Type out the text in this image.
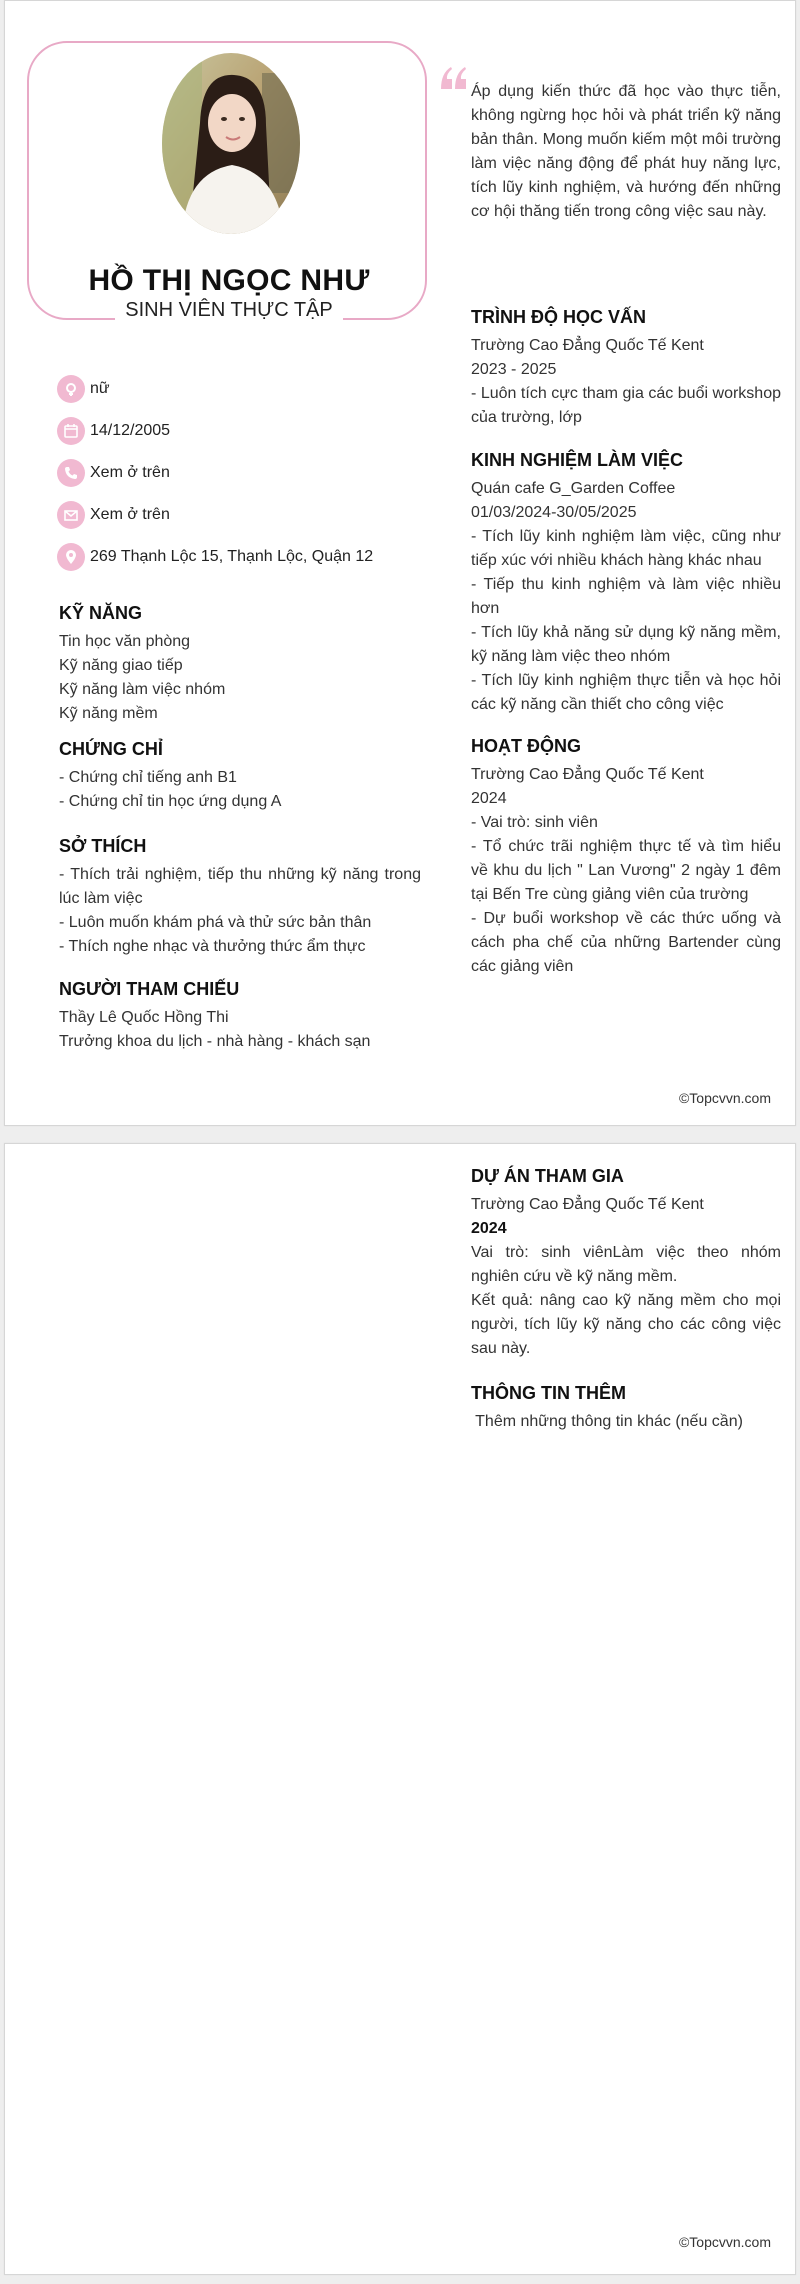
HỒ THỊ NGỌC NHƯ
SINH VIÊN THỰC TẬP
nữ
14/12/2005
Xem ở trên
Xem ở trên
269 Thạnh Lộc 15, Thạnh Lộc, Quận 12
KỸ NĂNG
Tin học văn phòng
Kỹ năng giao tiếp
Kỹ năng làm việc nhóm
Kỹ năng mềm
CHỨNG CHỈ
- Chứng chỉ tiếng anh B1
- Chứng chỉ tin học ứng dụng A
SỞ THÍCH
- Thích trải nghiệm, tiếp thu những kỹ năng trong lúc làm việc
- Luôn muốn khám phá và thử sức bản thân
- Thích nghe nhạc và thưởng thức ẩm thực
NGƯỜI THAM CHIẾU
Thầy Lê Quốc Hồng Thi
Trưởng khoa du lịch - nhà hàng - khách sạn
Áp dụng kiến thức đã học vào thực tiễn, không ngừng học hỏi và phát triển kỹ năng bản thân. Mong muốn kiếm một môi trường làm việc năng động để phát huy năng lực, tích lũy kinh nghiệm, và hướng đến những cơ hội thăng tiến trong công việc sau này.
TRÌNH ĐỘ HỌC VẤN
Trường Cao Đẳng Quốc Tế Kent
2023 - 2025
- Luôn tích cực tham gia các buổi workshop của trường, lớp
KINH NGHIỆM LÀM VIỆC
Quán cafe G_Garden Coffee
01/03/2024-30/05/2025
- Tích lũy kinh nghiệm làm việc, cũng như tiếp xúc với nhiều khách hàng khác nhau
- Tiếp thu kinh nghiệm và làm việc nhiều hơn
- Tích lũy khả năng sử dụng kỹ năng mềm, kỹ năng làm việc theo nhóm
- Tích lũy kinh nghiệm thực tiễn và học hỏi các kỹ năng cần thiết cho công việc
HOẠT ĐỘNG
Trường Cao Đẳng Quốc Tế Kent
2024
- Vai trò: sinh viên
- Tổ chức trãi nghiệm thực tế và tìm hiểu về khu du lịch " Lan Vương" 2 ngày 1 đêm tại Bến Tre cùng giảng viên của trường
- Dự buổi workshop về các thức uống và cách pha chế của những Bartender cùng các giảng viên
©Topcvvn.com
DỰ ÁN THAM GIA
Trường Cao Đẳng Quốc Tế Kent
2024
Vai trò: sinh viênLàm việc theo nhóm nghiên cứu về kỹ năng mềm.
Kết quả: nâng cao kỹ năng mềm cho mọi người, tích lũy kỹ năng cho các công việc sau này.
THÔNG TIN THÊM
Thêm những thông tin khác (nếu cần)
©Topcvvn.com
